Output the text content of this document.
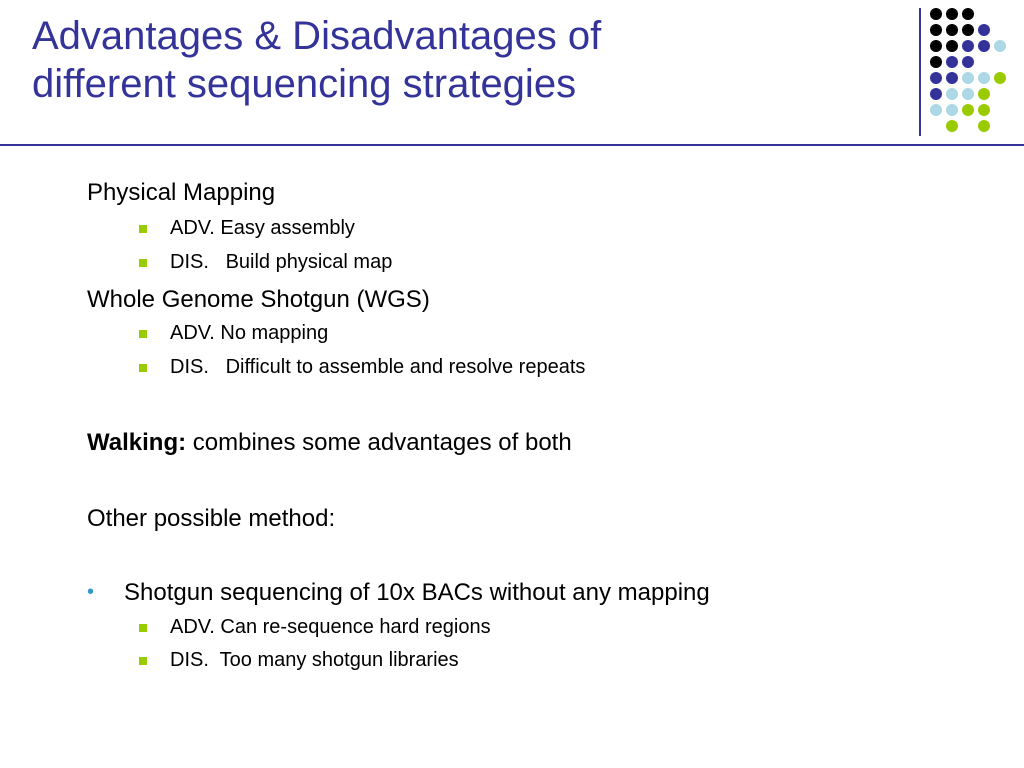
Advantages & Disadvantages of
different sequencing strategies
Physical Mapping
ADV. Easy assembly
DIS.   Build physical map
Whole Genome Shotgun (WGS)
ADV. No mapping
DIS.   Difficult to assemble and resolve repeats
Walking: combines some advantages of both
Other possible method:
• Shotgun sequencing of 10x BACs without any mapping
ADV. Can re-sequence hard regions
DIS.  Too many shotgun libraries
